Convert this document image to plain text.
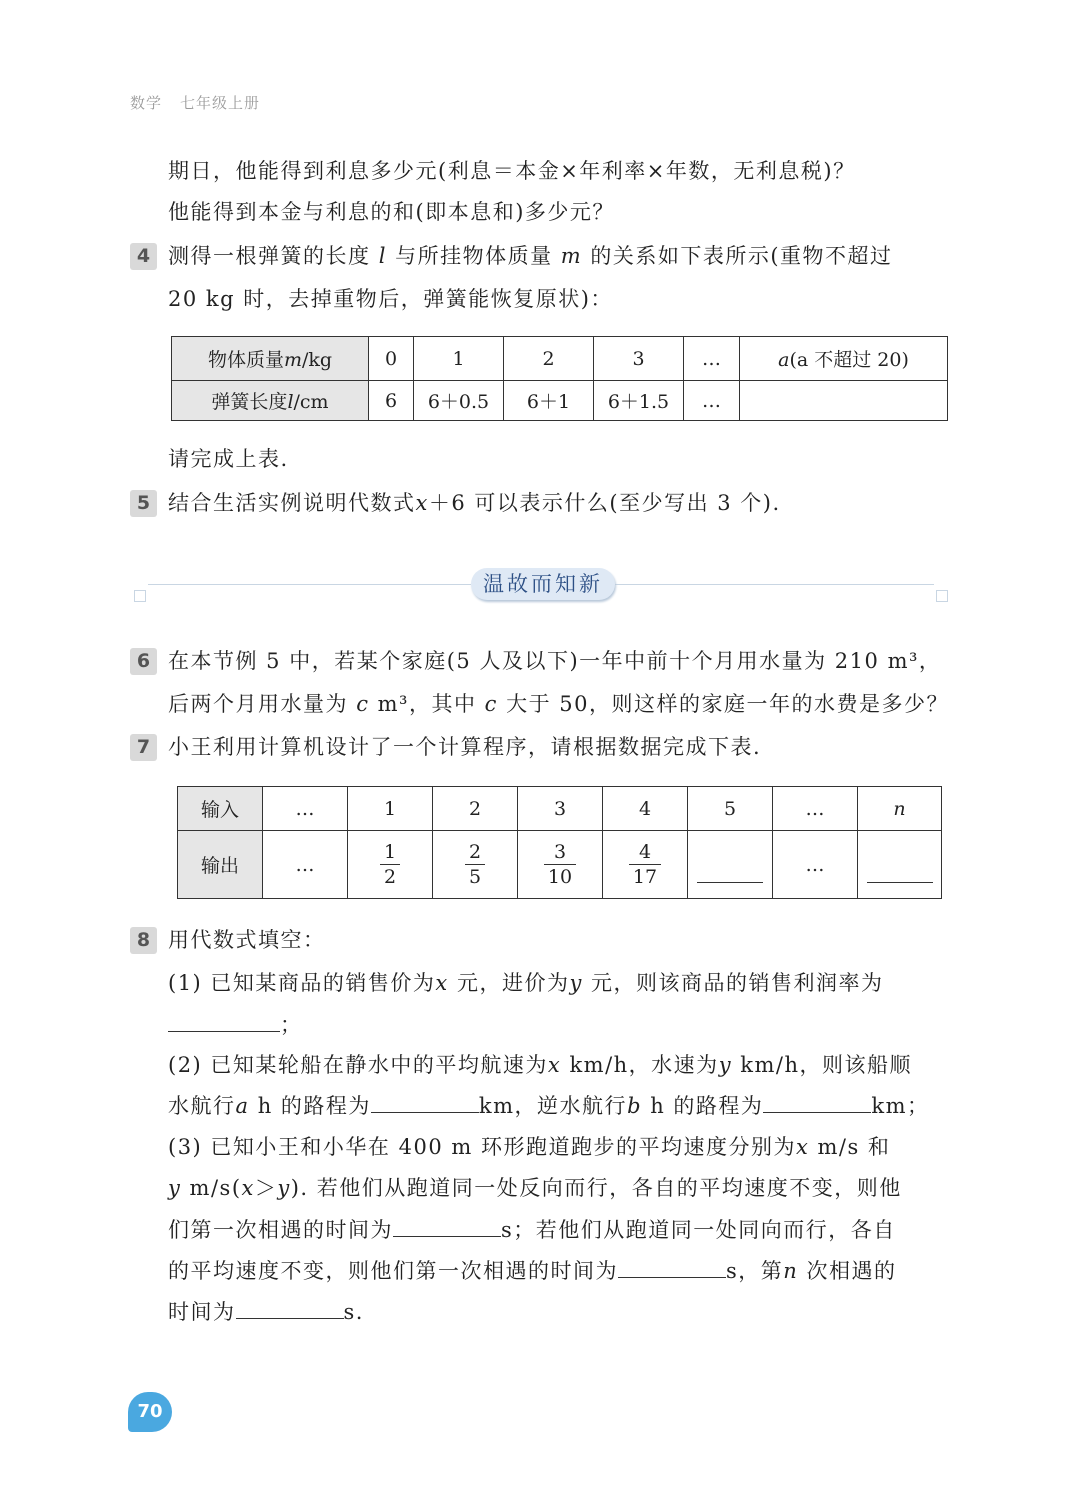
数学 七年级上册
期日，他能得到利息多少元(利息＝本金×年利率×年数，无利息税)？
他能得到本金与利息的和(即本息和)多少元？
4 测得一根弹簧的长度 l 与所挂物体质量 m 的关系如下表所示(重物不超过
20 kg 时，去掉重物后，弹簧能恢复原状)：
物体质量m/kg	0	1	2	3	…	a(a 不超过 20)
弹簧长度l/cm	6	6＋0.5	6＋1	6＋1.5	…	
请完成上表.
5 结合生活实例说明代数式x＋6 可以表示什么(至少写出 3 个).
温故而知新
6 在本节例 5 中，若某个家庭(5 人及以下)一年中前十个月用水量为 210 m³，
后两个月用水量为 c m³，其中 c 大于 50，则这样的家庭一年的水费是多少？
7 小王利用计算机设计了一个计算程序，请根据数据完成下表.
输入	…	1	2	3	4	5	…	n
输出	…	$\frac{1}{2}$	$\frac{2}{5}$	$\frac{3}{10}$	$\frac{4}{17}$		…	
8 用代数式填空：
(1) 已知某商品的销售价为x 元，进价为y 元，则该商品的销售利润率为
；
(2) 已知某轮船在静水中的平均航速为x km/h，水速为y km/h，则该船顺
水航行a h 的路程为	km，逆水航行b h 的路程为	km；
(3) 已知小王和小华在 400 m 环形跑道跑步的平均速度分别为x m/s 和
y m/s(x＞y). 若他们从跑道同一处反向而行，各自的平均速度不变，则他
们第一次相遇的时间为	s；若他们从跑道同一处同向而行，各自
的平均速度不变，则他们第一次相遇的时间为	s，第n 次相遇的
时间为	s.
70
